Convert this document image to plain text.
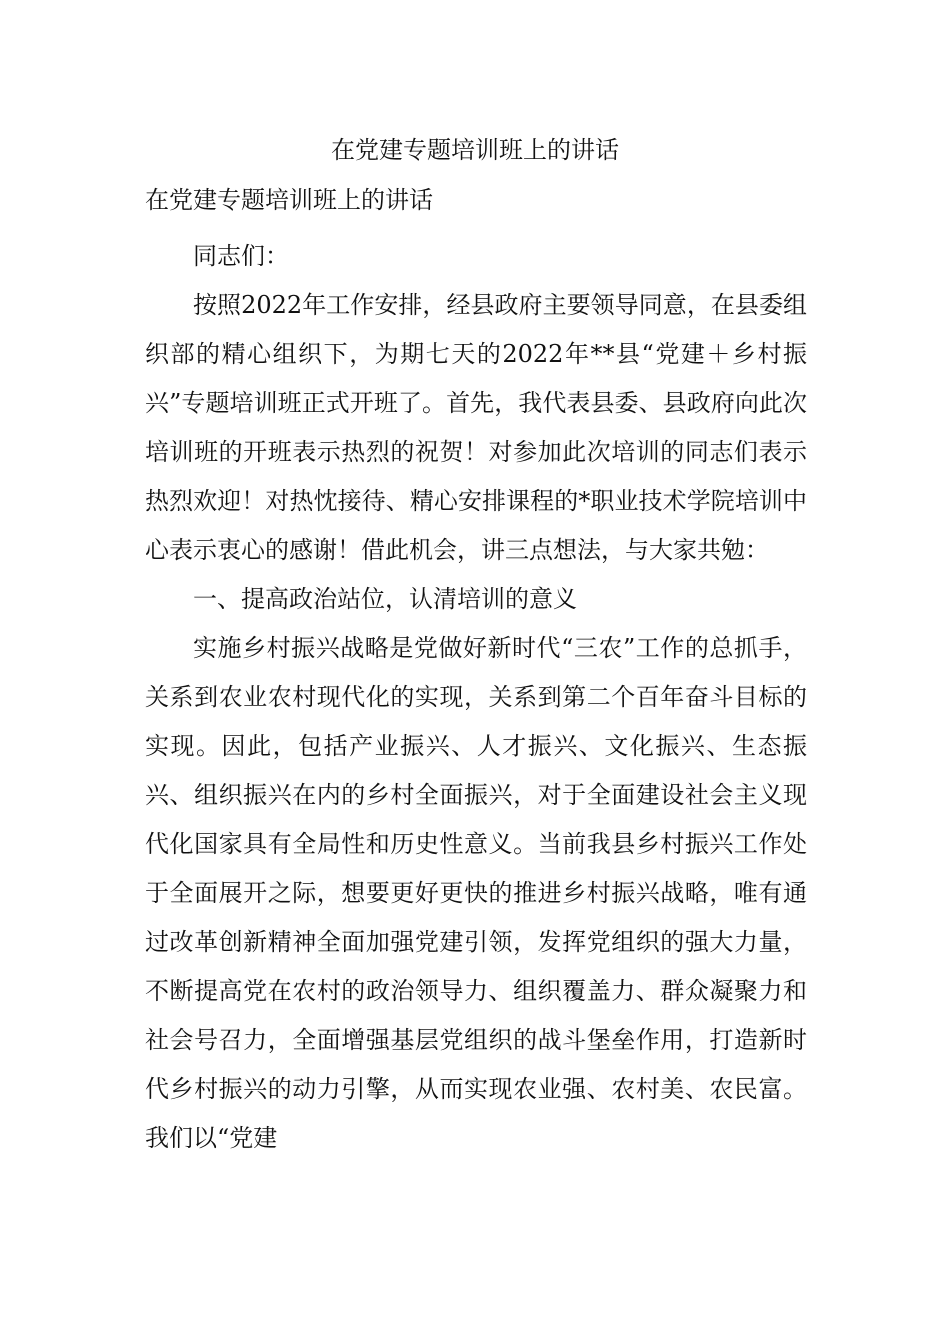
在党建专题培训班上的讲话
在党建专题培训班上的讲话

同志们：

按照2022年工作安排，经县政府主要领导同意，在县委组织部的精心组织下，为期七天的2022年**县“党建＋乡村振兴”专题培训班正式开班了。首先，我代表县委、县政府向此次培训班的开班表示热烈的祝贺！对参加此次培训的同志们表示热烈欢迎！对热忱接待、精心安排课程的*职业技术学院培训中心表示衷心的感谢！借此机会，讲三点想法，与大家共勉：

一、提高政治站位，认清培训的意义

实施乡村振兴战略是党做好新时代“三农”工作的总抓手，关系到农业农村现代化的实现，关系到第二个百年奋斗目标的实现。因此，包括产业振兴、人才振兴、文化振兴、生态振兴、组织振兴在内的乡村全面振兴，对于全面建设社会主义现代化国家具有全局性和历史性意义。当前我县乡村振兴工作处于全面展开之际，想要更好更快的推进乡村振兴战略，唯有通过改革创新精神全面加强党建引领，发挥党组织的强大力量，不断提高党在农村的政治领导力、组织覆盖力、群众凝聚力和社会号召力，全面增强基层党组织的战斗堡垒作用，打造新时代乡村振兴的动力引擎，从而实现农业强、农村美、农民富。我们以“党建
